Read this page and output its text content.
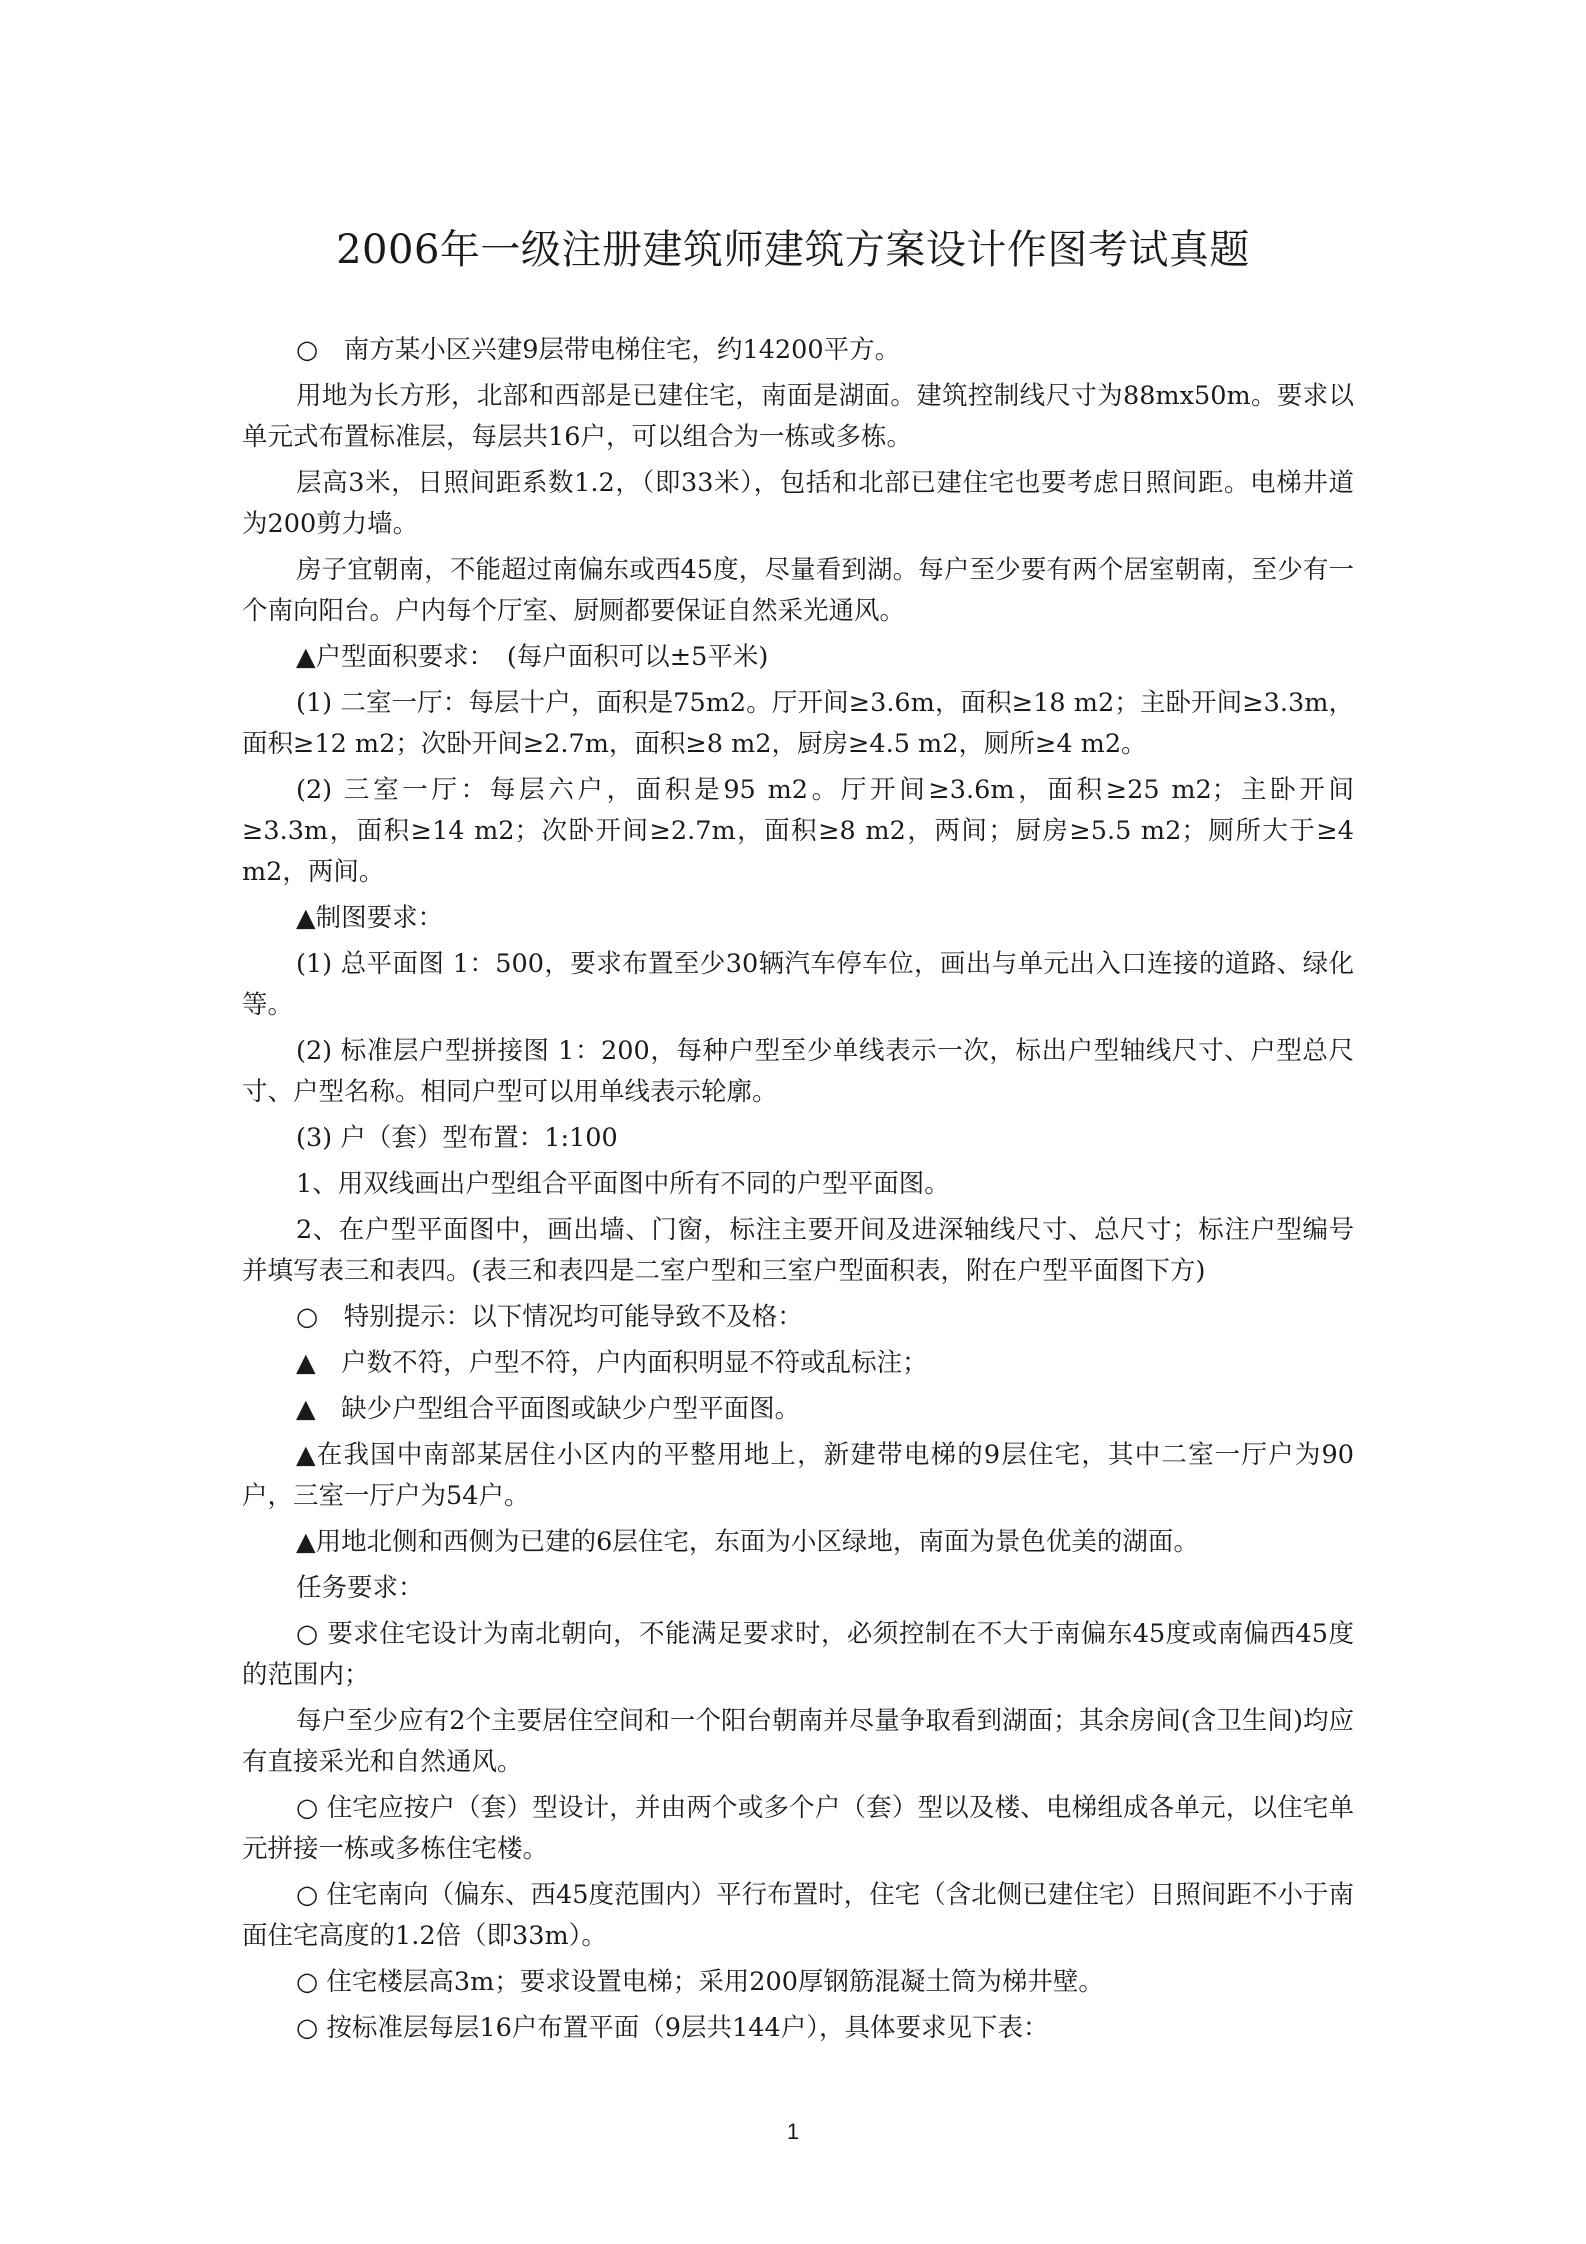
2006年一级注册建筑师建筑方案设计作图考试真题

○　南方某小区兴建9层带电梯住宅，约14200平方。

用地为长方形，北部和西部是已建住宅，南面是湖面。建筑控制线尺寸为88mx50m。要求以单元式布置标准层，每层共16户，可以组合为一栋或多栋。

层高3米，日照间距系数1.2，（即33米），包括和北部已建住宅也要考虑日照间距。电梯井道为200剪力墙。

房子宜朝南，不能超过南偏东或西45度，尽量看到湖。每户至少要有两个居室朝南，至少有一个南向阳台。户内每个厅室、厨厕都要保证自然采光通风。

▲户型面积要求：　(每户面积可以±5平米)

(1) 二室一厅：每层十户，面积是75m2。厅开间≥3.6m，面积≥18 m2；主卧开间≥3.3m，面积≥12 m2；次卧开间≥2.7m，面积≥8 m2，厨房≥4.5 m2，厕所≥4 m2。

(2) 三室一厅：每层六户，面积是95 m2。厅开间≥3.6m，面积≥25 m2；主卧开间≥3.3m，面积≥14 m2；次卧开间≥2.7m，面积≥8 m2，两间；厨房≥5.5 m2；厕所大于≥4 m2，两间。

▲制图要求：

(1) 总平面图 1：500，要求布置至少30辆汽车停车位，画出与单元出入口连接的道路、绿化等。

(2) 标准层户型拼接图 1：200，每种户型至少单线表示一次，标出户型轴线尺寸、户型总尺寸、户型名称。相同户型可以用单线表示轮廓。

(3) 户（套）型布置：1:100

1、用双线画出户型组合平面图中所有不同的户型平面图。

2、在户型平面图中，画出墙、门窗，标注主要开间及进深轴线尺寸、总尺寸；标注户型编号并填写表三和表四。(表三和表四是二室户型和三室户型面积表，附在户型平面图下方)

○　特别提示：以下情况均可能导致不及格：

▲　户数不符，户型不符，户内面积明显不符或乱标注；

▲　缺少户型组合平面图或缺少户型平面图。

▲在我国中南部某居住小区内的平整用地上，新建带电梯的9层住宅，其中二室一厅户为90户，三室一厅户为54户。

▲用地北侧和西侧为已建的6层住宅，东面为小区绿地，南面为景色优美的湖面。

任务要求：

○ 要求住宅设计为南北朝向，不能满足要求时，必须控制在不大于南偏东45度或南偏西45度的范围内；

每户至少应有2个主要居住空间和一个阳台朝南并尽量争取看到湖面；其余房间(含卫生间)均应有直接采光和自然通风。

○ 住宅应按户（套）型设计，并由两个或多个户（套）型以及楼、电梯组成各单元，以住宅单元拼接一栋或多栋住宅楼。

○ 住宅南向（偏东、西45度范围内）平行布置时，住宅（含北侧已建住宅）日照间距不小于南面住宅高度的1.2倍（即33m）。

○ 住宅楼层高3m；要求设置电梯；采用200厚钢筋混凝土筒为梯井壁。

○ 按标准层每层16户布置平面（9层共144户），具体要求见下表：

1
